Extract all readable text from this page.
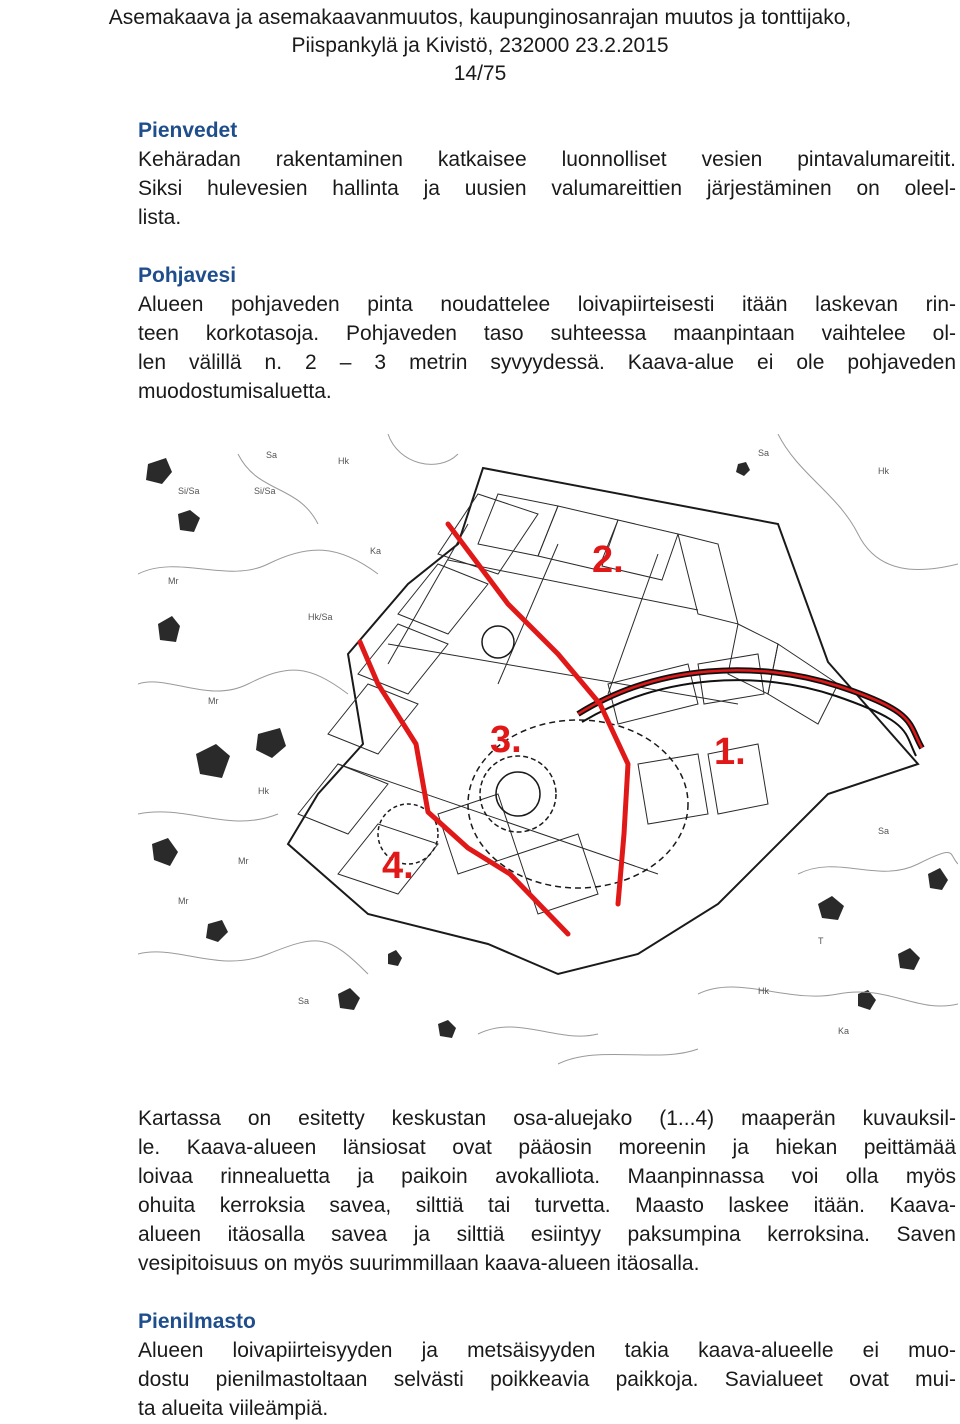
Asemakaava ja asemakaavanmuutos, kaupunginosanrajan muutos ja tonttijako,
Piispankylä ja Kivistö, 232000 23.2.2015
14/75
Pienvedet
Kehäradan rakentaminen katkaisee luonnolliset vesien pintavalumareitit.
Siksi hulevesien hallinta ja uusien valumareittien järjestäminen on oleel-
lista.
Pohjavesi
Alueen pohjaveden pinta noudattelee loivapiirteisesti itään laskevan rin-
teen korkotasoja. Pohjaveden taso suhteessa maanpintaan vaihtelee ol-
len välillä n. 2 – 3 metrin syvyydessä. Kaava-alue ei ole pohjaveden
muodostumisaluetta.
1.
2.
3.
4.
Sa
Hk
Mr
Si/Sa
Ka
Hk/Sa
Mr
Sa
Hk
Si/Sa
Mr
Sa
Ka
Hk
T
Sa
Mr
Hk
Kartassa on esitetty keskustan osa-aluejako (1...4) maaperän kuvauksil-
le. Kaava-alueen länsiosat ovat pääosin moreenin ja hiekan peittämää
loivaa rinnealuetta ja paikoin avokalliota. Maanpinnassa voi olla myös
ohuita kerroksia savea, silttiä tai turvetta. Maasto laskee itään. Kaava-
alueen itäosalla savea ja silttiä esiintyy paksumpina kerroksina. Saven
vesipitoisuus on myös suurimmillaan kaava-alueen itäosalla.
Pienilmasto
Alueen loivapiirteisyyden ja metsäisyyden takia kaava-alueelle ei muo-
dostu pienilmastoltaan selvästi poikkeavia paikkoja. Savialueet ovat mui-
ta alueita viileämpiä.
